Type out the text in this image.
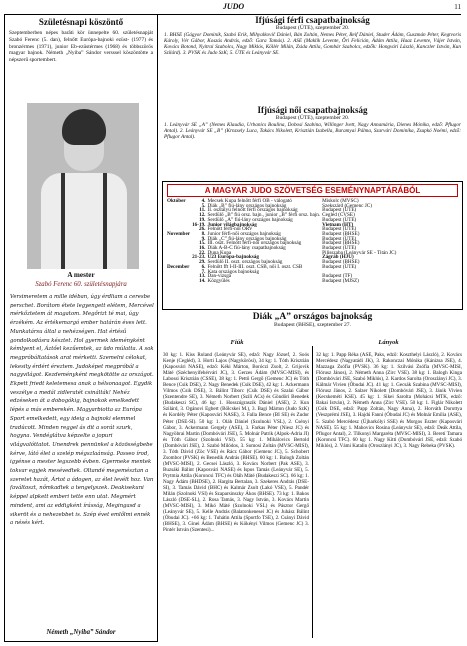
JUDO	11
Születésnapi köszöntő

Szeptemberben népes barăti kör ünnepelte 60. születésnapját Szabó Ferenc (5. dan), felnőtt Európa-bajnoki ezüst- (1977) és bronzérmes (1971), junior Eb-ezüstérmes (1968) és többszörös magyar bajnok. Németh „Nyiba” Sándor versssel köszöntötte a népszerű sportembert.

A mester
Szabó Ferenc 60. születésnapjára

Versimeretem a mille idéban, úgy érdliam a ceresbe perschet. Borátom étete legyengett elétem, Mercével mérkőztetem át magatom. Megőrizt té mai, úgy érzékém. Az értékemargó ember határán éves lett. Munkatársu által a nehézségen. Hat értésű gondolkodásra késztet. Hol gyermek ideményként kémlyent el, Áztőel kezűemtek, az üdo múlatta. A sok megpróbáltatások arat mérketti. Szemelni célokat, lekesity érdért éreztem. Judoképet megpróbál a nagyvilágot. Kezdeményként megkötötte az országot. Ekpett friedt keletemesa anak a hélsonaagot. Egydik veszélye a medál zidleratét csinálták! Nehéz edzéseken át a dobogókig, bajnokok emelkedett lépés a más emberekén. Magyarbiotta az Európa Sport emelkedett, egy ideig a bajnoki elemmel tradúcott. Minden reggel ás dit a sorát szurk, hogyna. Vendéglátva képzelte a jopuri világvalóttatot. Unendrek pennünkel a közösségbebe kérve, látó élet a szelép mégszlaánság. Passeo írod, igyénse a mester legszebb évben. Gyermeke mentek tokvar egyjek mesévedtek. Oltandé megemésztan a szeretet hazát, Ártot a ádogen, az élet levélt hoz. Van faváltoszt, nőmkadtek a tengelyszek. Deakisekuni képpel alpkett emberi tette enn utat. Megmért mindent, ami az eddigként írásság, Megingasd a sikeröt és a nehezebbet is. Szép évet emlőlmi ennék a nésés kért.

Németh „Nyiba” Sándor
Ifjúsági férfi csapatbajnokság
Budapest (ÜTE), szeptember 20.

1. BHSE (Gágyor Dominik, Szabó Erik, Mihyalkovič Dániel, Bán Zoltán, Nemes Péter, Reif Dániel, Studer Ádám, Guszmán Péter, Kegtvoris Károly, Vér Gábor, Koszás András, edző: Gara Tamás). 2. ASE (Maklik Levente, Őri Felicián, Ádám Attila, Haaz Levente, Vájer István, Kovács Botond, Nyitrai Szabolcs, Nagy Miklós, Köllér Milán, Zsida Attila, Gombár Szabolcs, edzők: Hongvári László, Kanczler István, Kun Szilárd). 3. PVSK és Judo SzK; 5. ÜTE és Leányvár SE.

Ifjúsági női csapatbajnokság
Budapest (ÜTE), szeptember 20.

1. Leányvár SE „A” (Nemes Klaudia, Urbanics Boulina, Dobosi Szabina, Willinger Ivett, Nagy Annamária, Dienes Mónika, edző: Pflugor Antal). 2. Leányvár SE „B” (Krnzsely Luca, Takács Nikolett, Krisztián Izabella, Baramyai Pálma, Szarvári Dominika, Zsupkó Noémi, edző: Pflugor Antal).

A MAGYAR JUDO SZÖVETSÉG ESEMÉNYNAPTÁRÁBÓL
Október	4.	Mecsek Kupa felnőtt férfi OB - válogató	Miskolc (MVSC)
	5.	Diák „B” fiú-lány országos bajnokság	Szekszárd (Gemenc JC)
	11.	II. osztályú felnőtt férfi országos bajnokság	Budapest (ÜTE)
	12.	Serdülő „B” fiú orsz. bajn., junior „B” férfi orsz. bajn.	Cegléd (CVSE)
	19.	Serdülő „A” fiú-lány országos bajnokság	Budapest (ÜTE)
	16-19.	Junior világbajnokság	Vietnam (HT)
	26.	Felnőtt férfi-női ORV	Budapest (ÜTE)
November	8.	Junior férfi-női országos bajnokság	Budapest (BHSE)
	9.	Diák „C” fiú-lány országos bajnokság	Budapest (ÜTE)
	15.	III. oszt. Felnőtt férfi-női országos bajnokság	Budapest (BHSE)
	16.	Diák A-B-C fiú-lány csapatbajnokság	Budapest (ÜTE)
	22.	Duna Kupa	Pilisszaba (Leányvár SE - Titán JC)
	21-23.	U23 Európa-bajnokság	Zágráb (HJU)
	29.	Serdülő II. oszt. országos bajnokság	Budapest (BHSE)
December	6.	Felnőtt fft I-II-III. oszt. CSB, női I. oszt. CSB	Budapest (ÜTE)
	7.	Kata országos bajnokság	
	13.	Dan-vizsga	Budapest (TF)
	14.	Közgyűlés	Budapest (MJSZ)
Diák „A” országos bajnokság
Budapest (BHSE), szeptember 27.
Fiúk	Lányok
30 kg: 1. Kiss Roland (Leányvár SE), edző: Nagy József, 2. Soós Kenje (Cegléd), 3. Horti Lajos (Nagykörösi), 34 kg: 1. Tóth Krisztián (Kaposvári NASE), edző: Kéki Márton, Boróczi Zsolt, 2. Grijovik Máté (Széchenyifehérvári JC), 3. Gerzes Ádám (MVSC-MISI), és Labossi Krisztián (CSSE), 38 kg: 1. Pettő Gergő (Gemenc JC) és Tóth Bence (Csik DSE), 2. Nagy Benedek (Csik DSE), 42 kg: 1. Ackermann Vilmos (Csik DSE), 3. Bálint Tiborc (Csik DSE) és Szalai Gábor (Szentendre SE), 3. Németh Norbert (Szili ACs) és Göndöri Benedek (Budakeszi SC), 46 kg: 1. Hosszúgraszik Dániel (ASE), 2. Kun Szilárd, 3. Ogánovi Egbert (Bölcskei M.), 3. Bagi Márton (Judo SzK) és Kordély Péter (Kaposvári NASE), 3. Falla Bence (BI SE) és Zudor Péter (DSE-SI). 50 kg: 1. Oláh Dániel (Szolnoki VSL), 2. Csényi Gábor, 3. Ackermann Gergely (ASE), 3. Farkas Péter (Niesz JC) és Nagyöbrai Martin (Dombóvári JSE), 5. Molnár Patrik (Alpok-Adria JI) és Tóth Gábor (Szolnoki VSI). 55 kg: 1. Mihálovics Bertold (Dombóvári JSE), 2. Szabó Milódos, 3. Somosi Zoltán (MVSC-MISI), 3. Tóth Dávid (Zöc VSE) és Rácz Gábor (Gemenc JC), 5. Schobert Zsombor (PVSK) és Benedik András (BHSE). 60 kg: 1. Balogh Zoltán (MVSC-MISI), 2. Gecsei László, 3. Kovács Norbert (Pak ASE), 3. Buzsáki Bálint (Kaposvári NASE) és Ispos Tamás (Leányvár SE), 5. Prytmia Attila (Koroncsi TFC) és Oláh Máté (Budakeszi SC). 66 kg: 1. Nagy Ádám (BHDSE), 2. Hargita Bertalan, 3. Szekeres András (DSE-SI), 3. Tamás Dávid (BHC) és Kalmár Zsolt (Lakó VSE), 5. Pandér Milán (Szolnoki VSI) és Szaparsinszky Ákos (BHSE). 73 kg: 1. Bakos László (DSE-SL), 2. Rosa Tamás, 3. Nagy István, 3. Kovács Martin (MVSC-MISI), 3. Mikó Máté (Szolnoki VSL) és Pásztor Gergő (Leányvár SE), 5. Kelle András (Balatonkenesei JC) és Juhász Bálint (Óbudai JC). +66 kg: 1. Tuhátin Attila (Sportfo TSE), 2. Csányi Dávid (BHSE), 3. Ginei Ádám (BHSE) és Kökényi Vilmos (Gemenc JC) 3. Pintér István (Szentesi)...
32 kg: 1. Papp Réka (ASE, Paks, edző: Koszthelyi László), 2. Kovács Mercédesz (Nagyatádi JK), 3. Rakonczai Mónika (Kánizsa JSE), 4. Mazzaga Zsófia (PVSK). 36 kg: 1. Szilvási Zsófia (MVSC-MISI, Flórusz János), 2. Németh Anna (Zirc VSE). 38 kg: 1. Balogh Kinga (Dombóvári JSE, Szabó Miklós), 2. Kardos Sarolta (Oroszlányi JC), 3. Kálmár Vivien (Óbudai JC). 41 kg: 1. Gecsák Szabina (MVSC-MISI), Flórusz János, 2. Salzer Nikolett (Dombóvári JSE), 3. Jánik Vivien (Kecskeméti KSE). 45 kg: 1. Sikei Sarolta (Mohácsi MTK, edző: Bakai István), 2. Németh Anna (Zirc VSE). 50 kg: 1. Figlár Nikolett (Csik DSE, edző: Papp Zoltán, Nagy Anna), 2. Horváth Dorottya (Veszprémi JSE), 3. Hajdú Fanni (Óbudai JC) és Molnár Emília (ASE), 5. Szabó Mercédesz (Újharkólyi SSE) és Morgos Eszter (Kaposvári NASE). 55 kg: 1. Mahovics Rosina (Leányvár SE), edző: Deák Attila, Pflugor Antal), 2. Tilkonyi Margaréta (MVSC-MISI), 3. Beretí Tamara (Koroncsi TFC). 60 kg: 1. Nagy Kitti (Dombóvári JSE, edző: Szabó Miklós), 2. Vámi Katalin (Oroszlányi JC), 3. Nagy Rebeka (PVSK).
